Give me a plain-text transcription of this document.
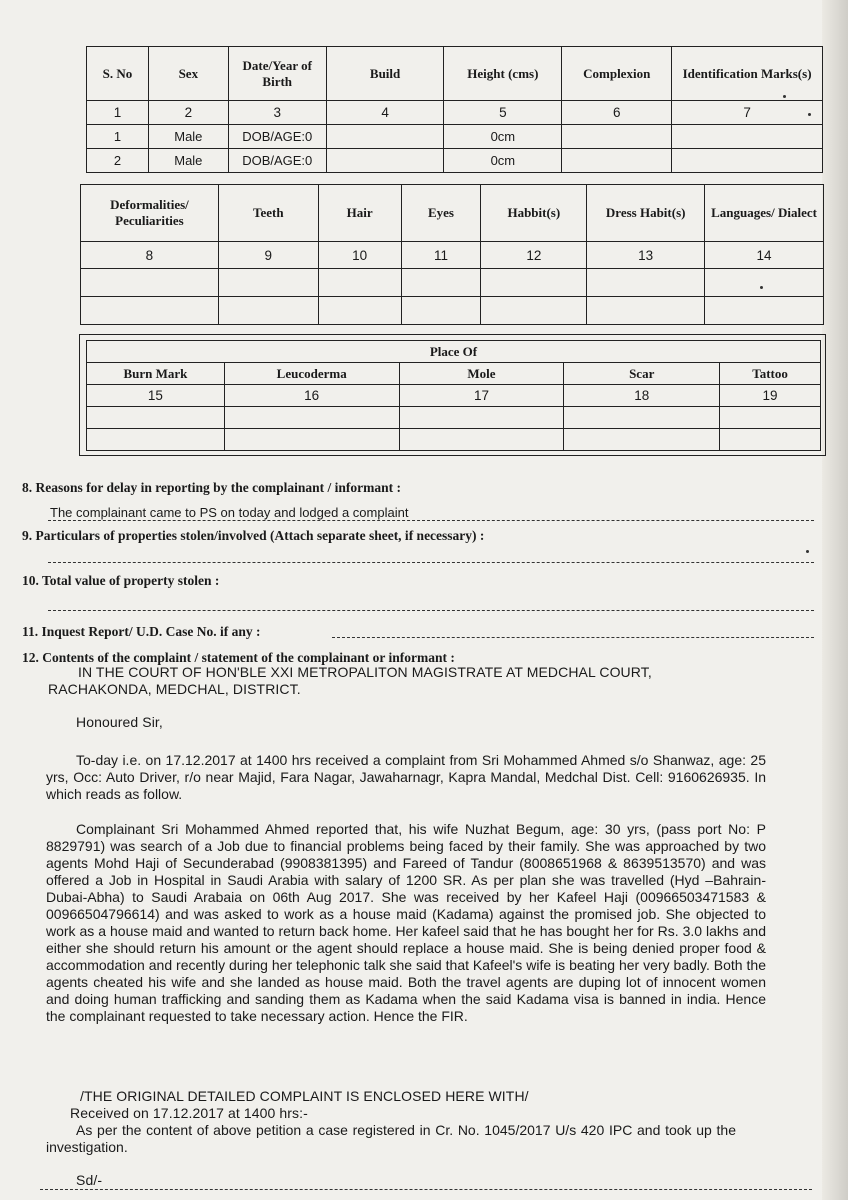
S. No	Sex	Date/Year of Birth	Build	Height (cms)	Complexion	Identification Marks(s)
1	2	3	4	5	6	7
1	Male	DOB/AGE:0		0cm		
2	Male	DOB/AGE:0		0cm		
Deformalities/ Peculiarities	Teeth	Hair	Eyes	Habbit(s)	Dress Habit(s)	Languages/ Dialect
8	9	10	11	12	13	14

Place Of				
Burn Mark	Leucoderma	Mole	Scar	Tattoo
15	16	17	18	19

8. Reasons for delay in reporting by the complainant / informant :
The complainant came to PS on today and lodged a complaint
9. Particulars of properties stolen/involved (Attach separate sheet, if necessary) :
10. Total value of property stolen :
11. Inquest Report/ U.D. Case No. if any :
12. Contents of the complaint / statement of the complainant or informant :
IN THE COURT OF HON'BLE XXI METROPALITON MAGISTRATE AT MEDCHAL COURT,
RACHAKONDA, MEDCHAL, DISTRICT.
Honoured Sir,
To-day i.e. on 17.12.2017 at 1400 hrs received a complaint from Sri Mohammed Ahmed s/o Shanwaz, age: 25 yrs, Occ: Auto Driver, r/o near Majid, Fara Nagar, Jawaharnagr, Kapra Mandal, Medchal Dist. Cell: 9160626935. In which reads as follow.
Complainant Sri Mohammed Ahmed reported that, his wife Nuzhat Begum, age: 30 yrs, (pass port No: P 8829791) was search of a Job due to financial problems being faced by their family. She was approached by two agents Mohd Haji of Secunderabad (9908381395) and Fareed of Tandur (8008651968 & 8639513570) and was offered a Job in Hospital in Saudi Arabia with salary of 1200 SR. As per plan she was travelled (Hyd –Bahrain-Dubai-Abha) to Saudi Arabaia on 06th Aug 2017. She was received by her Kafeel Haji (00966503471583 & 00966504796614) and was asked to work as a house maid (Kadama) against the promised job. She objected to work as a house maid and wanted to return back home. Her kafeel said that he has bought her for Rs. 3.0 lakhs and either she should return his amount or the agent should replace a house maid. She is being denied proper food & accommodation and recently during her telephonic talk she said that Kafeel's wife is beating her very badly. Both the agents cheated his wife and she landed as house maid. Both the travel agents are duping lot of innocent women and doing human trafficking and sanding them as Kadama when the said Kadama visa is banned in india. Hence the complainant requested to take necessary action. Hence the FIR.
/THE ORIGINAL DETAILED COMPLAINT IS ENCLOSED HERE WITH/
Received on 17.12.2017 at 1400 hrs:-
As per the content of above petition a case registered in Cr. No. 1045/2017 U/s 420 IPC and took up the investigation.
Sd/-
